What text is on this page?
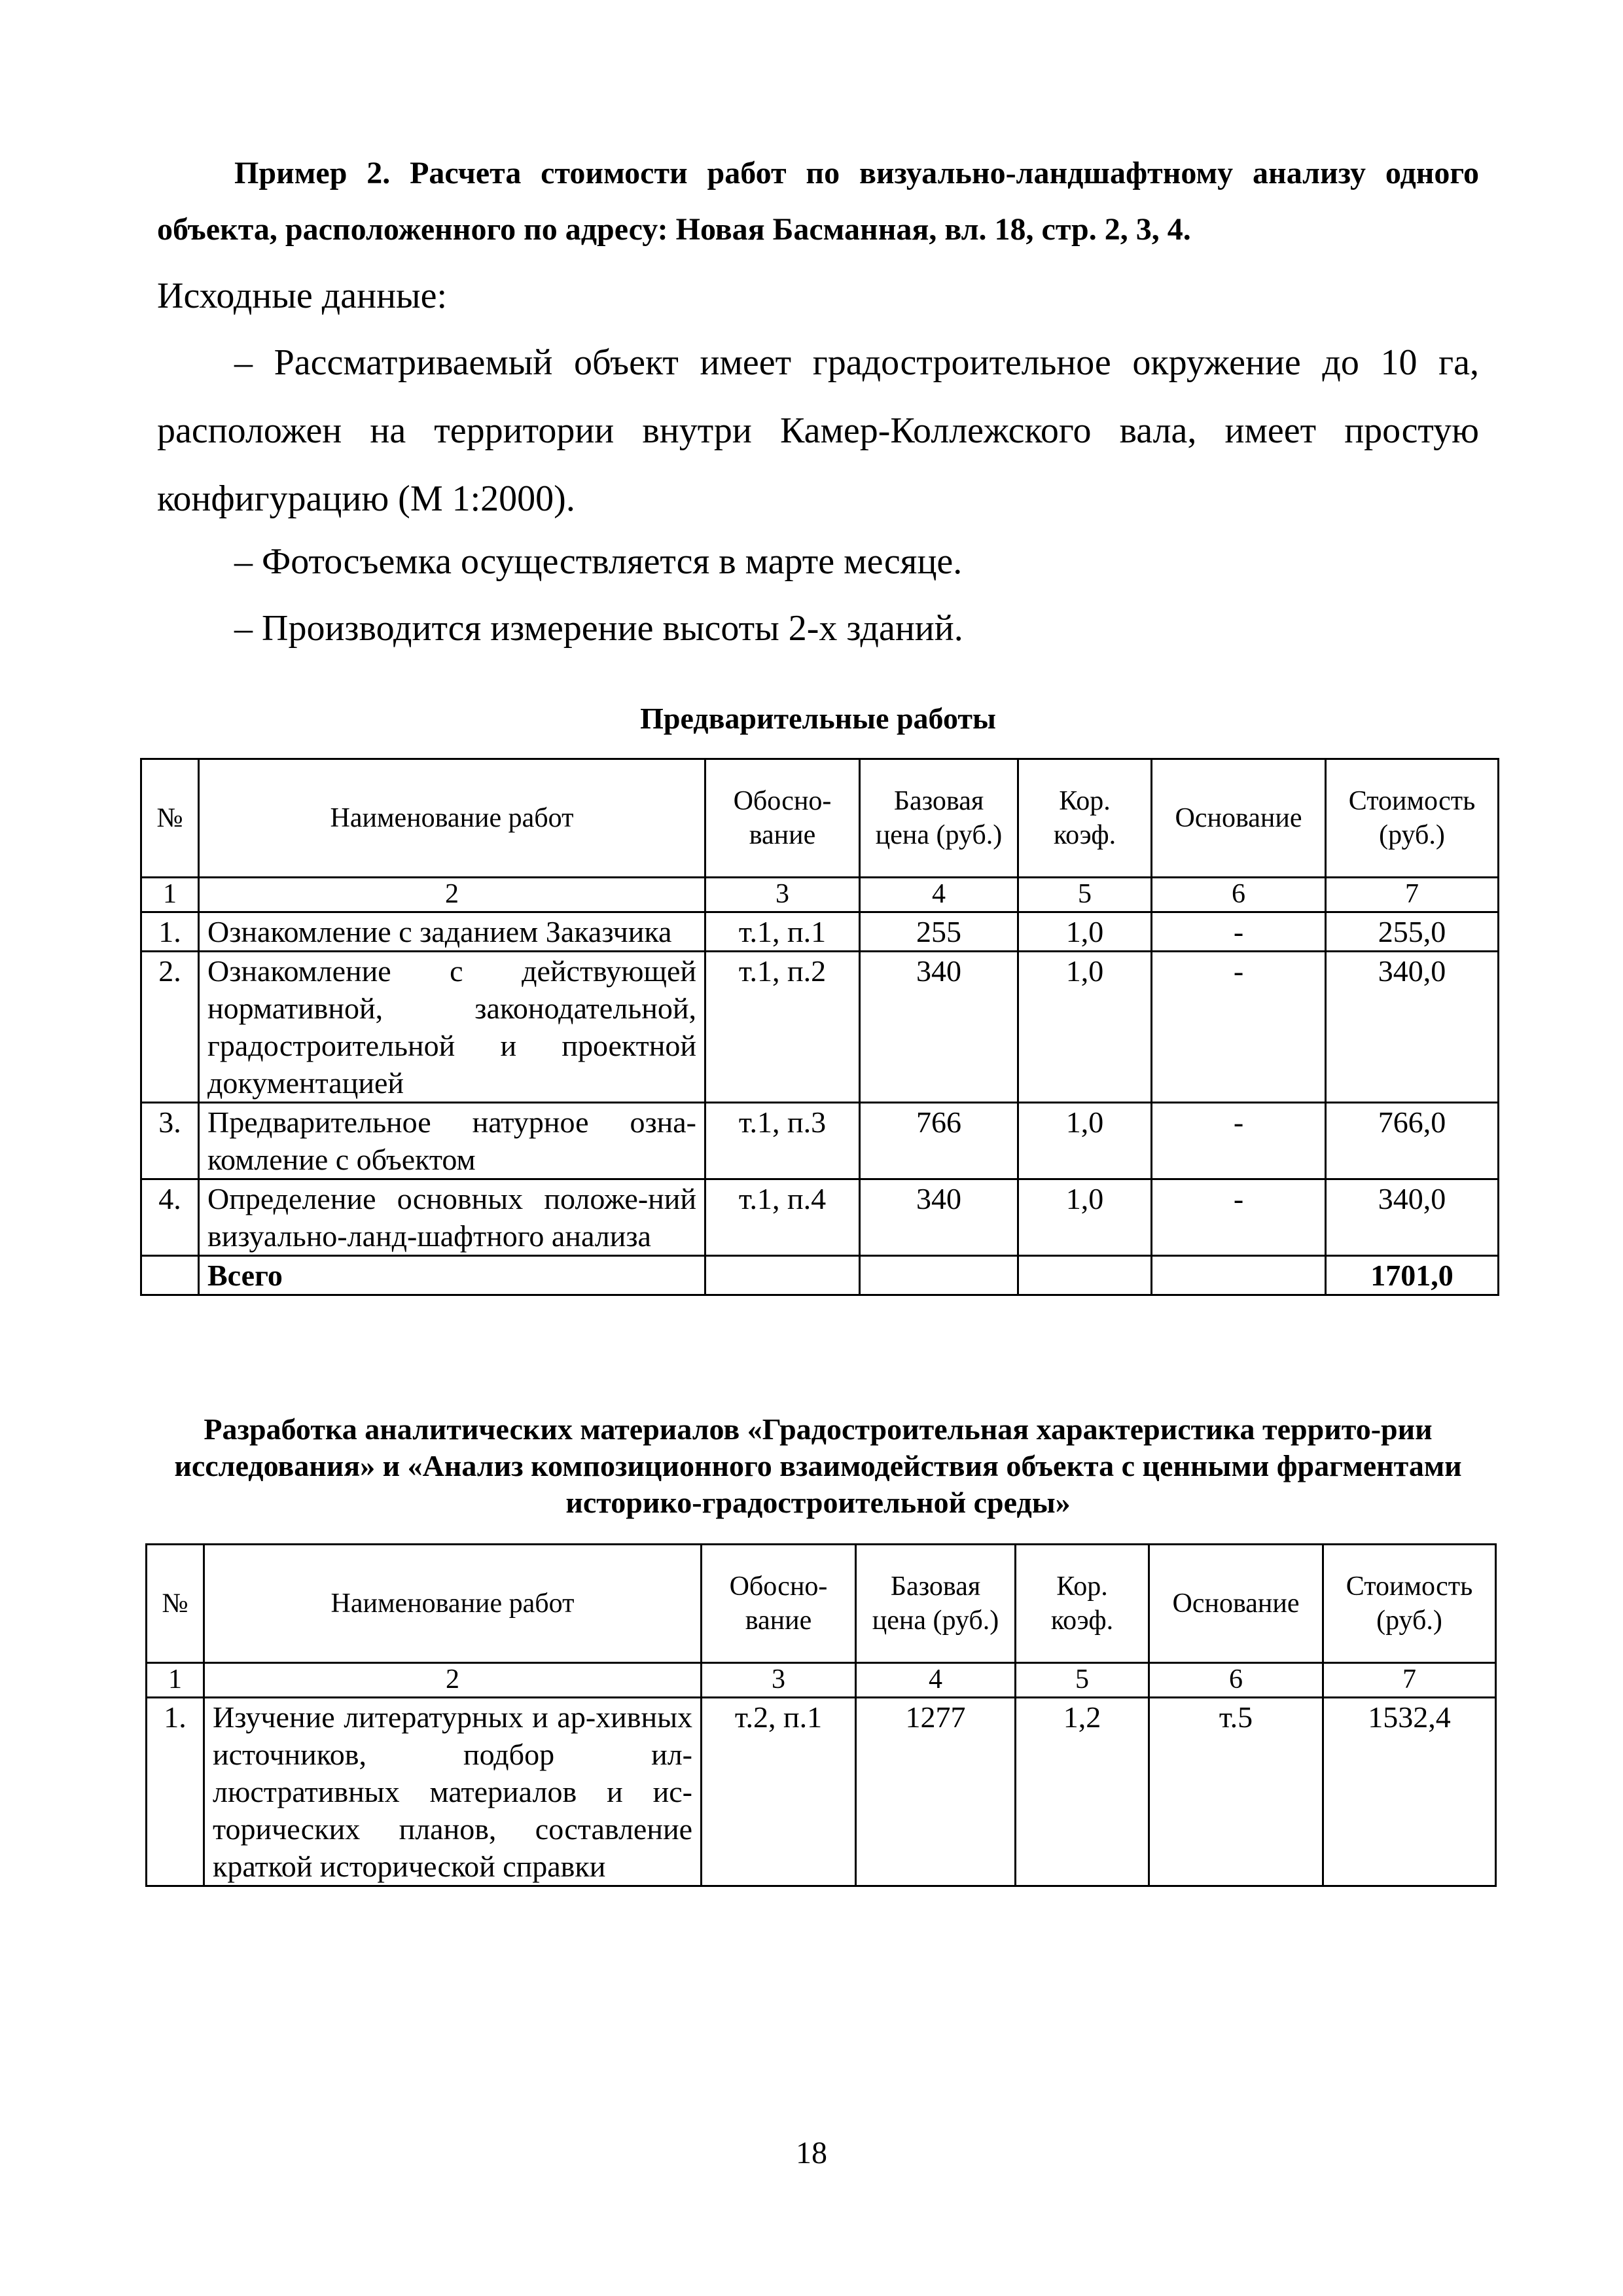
Пример 2. Расчета стоимости работ по визуально-ландшафтному анализу одного объекта, расположенного по адресу: Новая Басманная, вл. 18, стр. 2, 3, 4.

Исходные данные:

– Рассматриваемый объект имеет градостроительное окружение до 10 га, расположен на территории внутри Камер-Коллежского вала, имеет простую конфигурацию (М 1:2000).

– Фотосъемка осуществляется в марте месяце.

– Производится измерение высоты 2-х зданий.

Предварительные работы

№	Наименование работ	Обосно-вание	Базовая цена (руб.)	Кор. коэф.	Основание	Стоимость (руб.)
1	2	3	4	5	6	7
1.	Ознакомление с заданием Заказчика	т.1, п.1	255	1,0	-	255,0
2.	Ознакомление с действующей нормативной, законодательной, градостроительной и проектной документацией	т.1, п.2	340	1,0	-	340,0
3.	Предварительное натурное озна-комление с объектом	т.1, п.3	766	1,0	-	766,0
4.	Определение основных положе-ний визуально-ланд-шафтного анализа	т.1, п.4	340	1,0	-	340,0
	Всего					1701,0

Разработка аналитических материалов «Градостроительная характеристика террито-рии исследования» и «Анализ композиционного взаимодействия объекта с ценными фрагментами историко-градостроительной среды»

№	Наименование работ	Обосно-вание	Базовая цена (руб.)	Кор. коэф.	Основание	Стоимость (руб.)
1	2	3	4	5	6	7
1.	Изучение литературных и ар-хивных источников, подбор ил-люстративных материалов и ис-торических планов, составление краткой исторической справки	т.2, п.1	1277	1,2	т.5	1532,4
18
